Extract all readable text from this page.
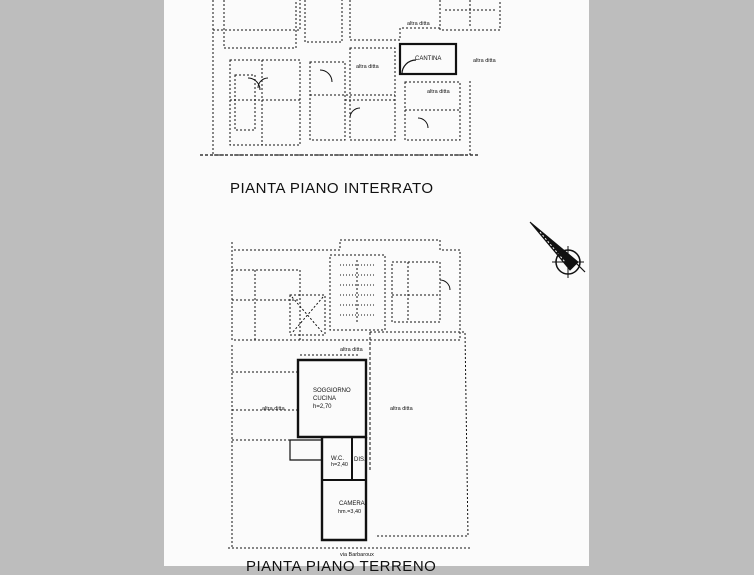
altra ditta
altra ditta
altra ditta
altra ditta
CANTINA
altra ditta
altra ditta	altra ditta
SOGGIORNO
CUCINA
h=2,70
W.C.
h=2,40
DIS.
CAMERA
hm.=3,40
via Barbaroux
PIANTA PIANO INTERRATO
PIANTA PIANO TERRENO
